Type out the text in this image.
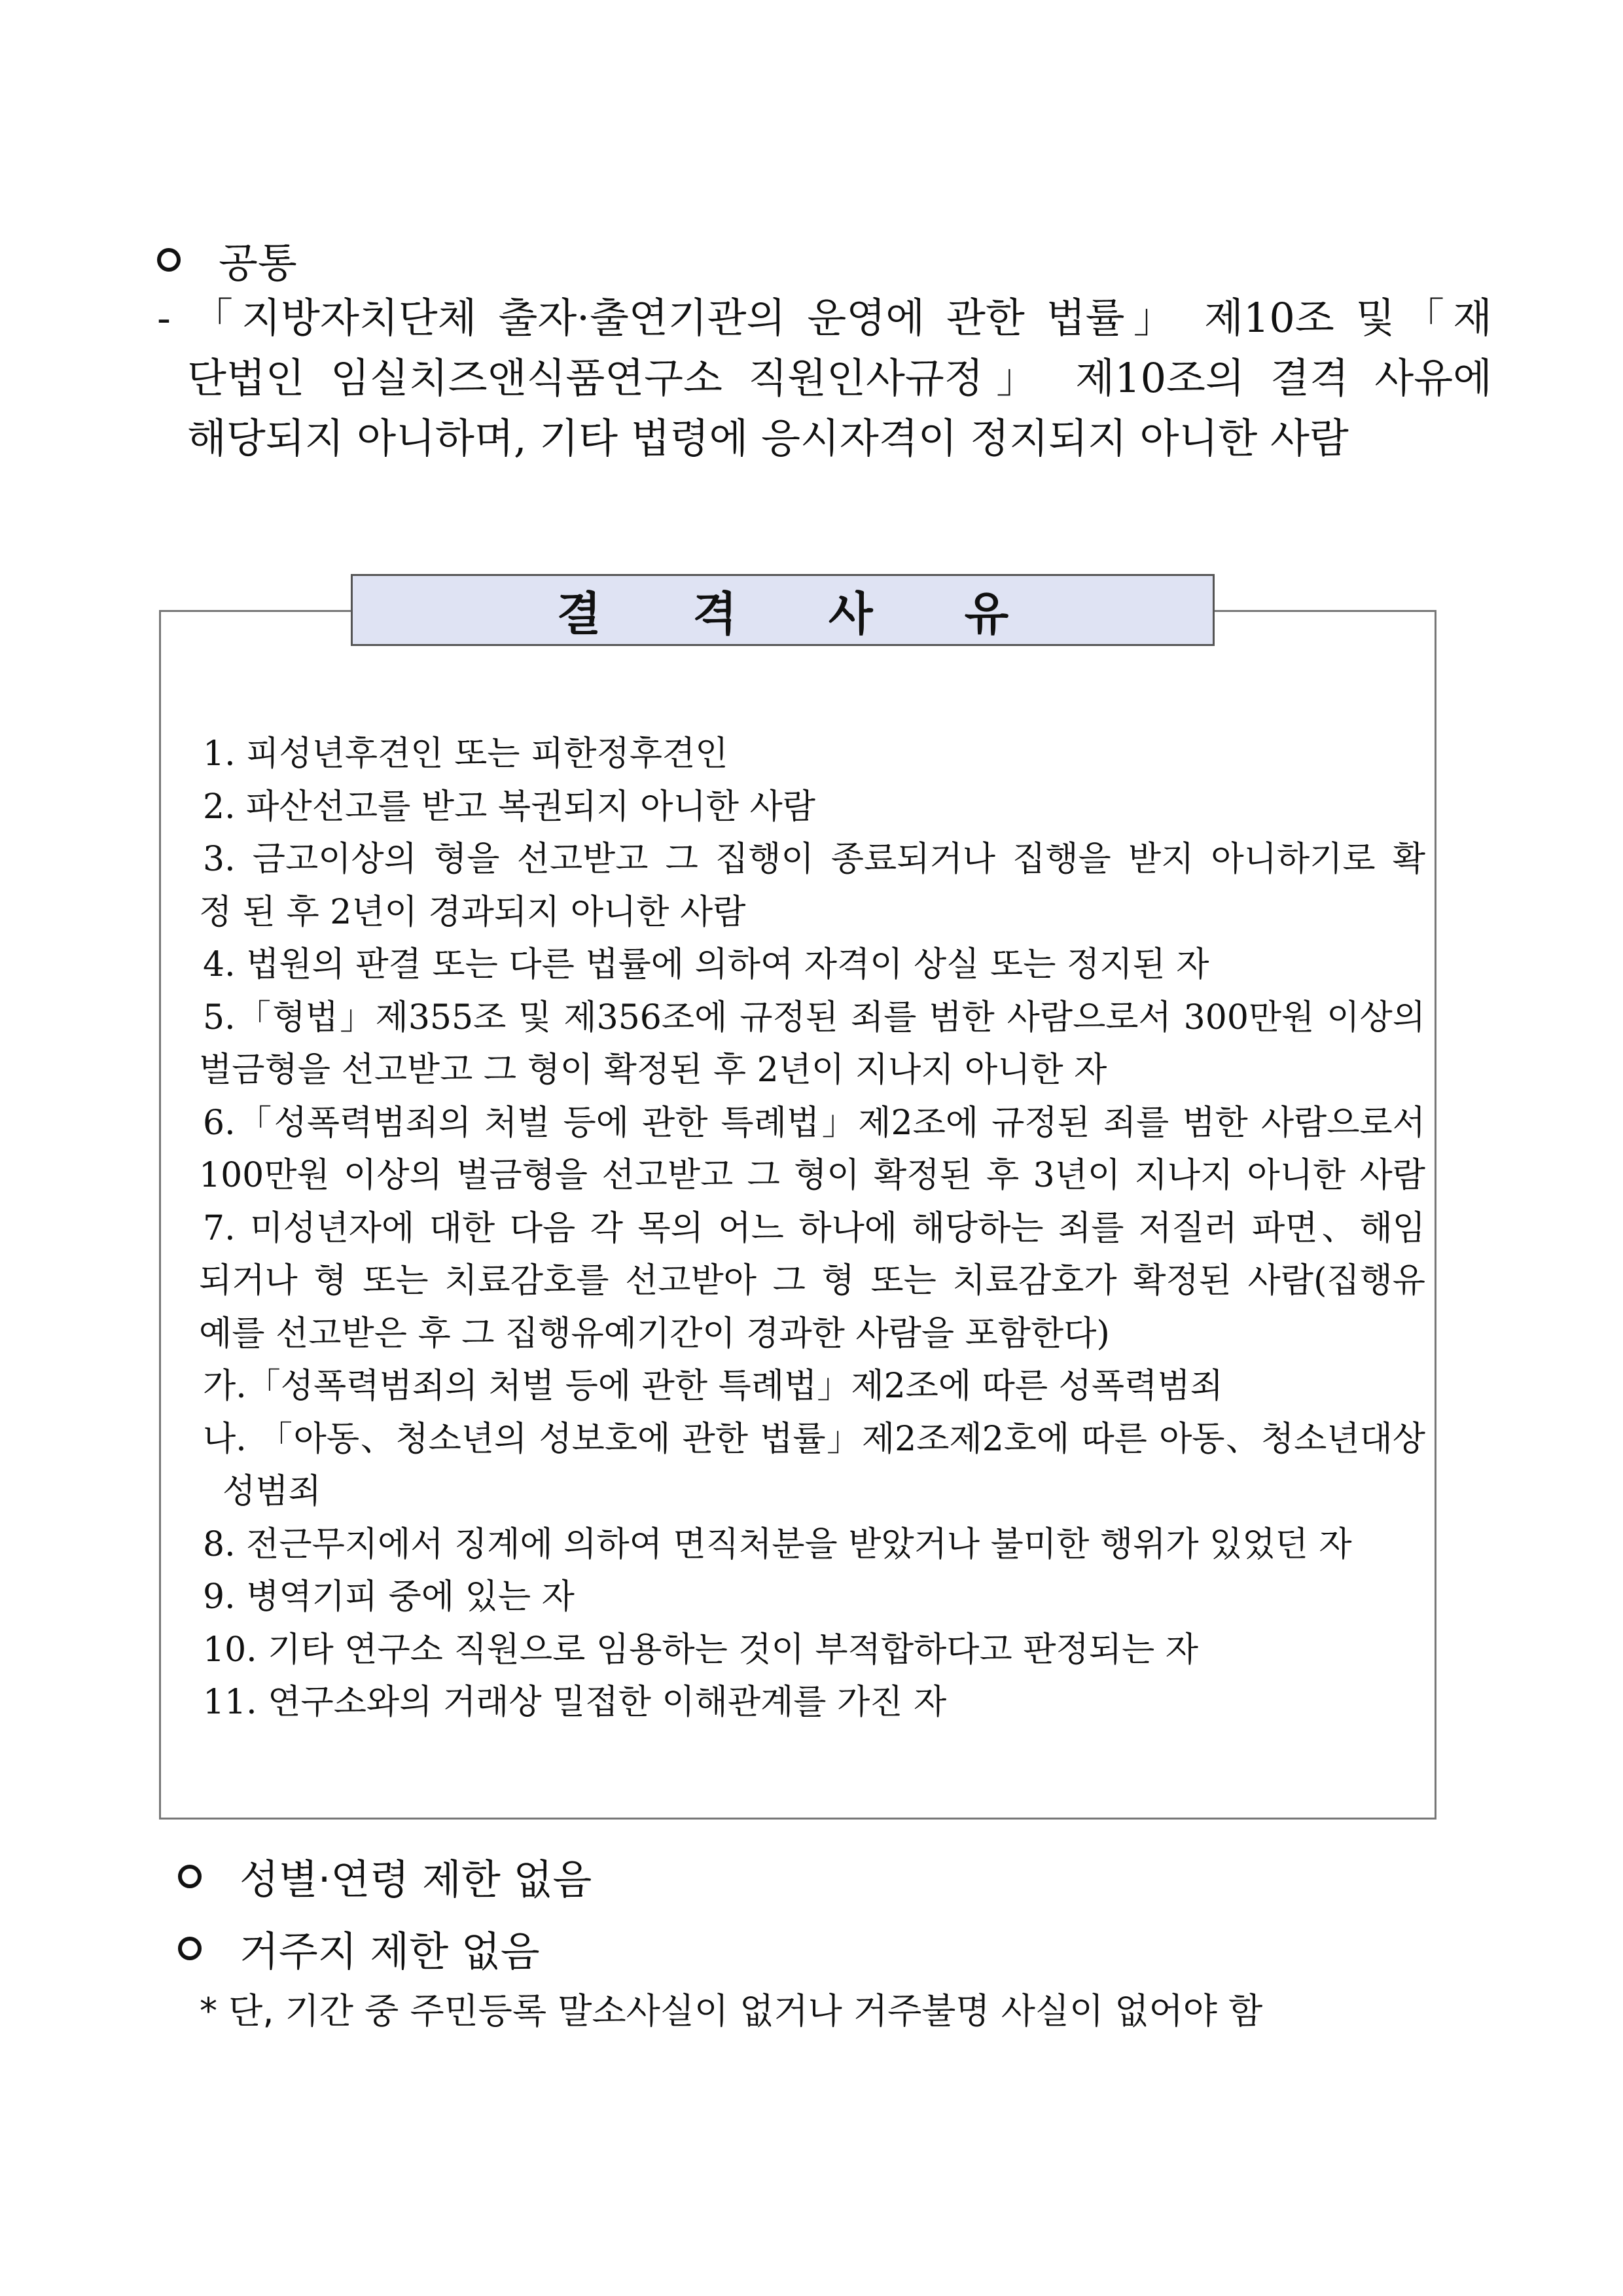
공통
- 「지방자치단체 출자·출연기관의 운영에 관한 법률」 제10조 및「재
단법인 임실치즈앤식품연구소 직원인사규정」 제10조의 결격 사유에
해당되지 아니하며, 기타 법령에 응시자격이 정지되지 아니한 사람
결격사유
1. 피성년후견인 또는 피한정후견인
2. 파산선고를 받고 복권되지 아니한 사람
3. 금고이상의 형을 선고받고 그 집행이 종료되거나 집행을 받지 아니하기로 확
정 된 후 2년이 경과되지 아니한 사람
4. 법원의 판결 또는 다른 법률에 의하여 자격이 상실 또는 정지된 자
5.「형법」제355조 및 제356조에 규정된 죄를 범한 사람으로서 300만원 이상의
벌금형을 선고받고 그 형이 확정된 후 2년이 지나지 아니한 자
6.「성폭력범죄의 처벌 등에 관한 특례법」제2조에 규정된 죄를 범한 사람으로서
100만원 이상의 벌금형을 선고받고 그 형이 확정된 후 3년이 지나지 아니한 사람
7. 미성년자에 대한 다음 각 목의 어느 하나에 해당하는 죄를 저질러 파면、해임
되거나 형 또는 치료감호를 선고받아 그 형 또는 치료감호가 확정된 사람(집행유
예를 선고받은 후 그 집행유예기간이 경과한 사람을 포함한다)
가.「성폭력범죄의 처벌 등에 관한 특례법」제2조에 따른 성폭력범죄
나. 「아동、청소년의 성보호에 관한 법률」제2조제2호에 따른 아동、청소년대상
성범죄
8. 전근무지에서 징계에 의하여 면직처분을 받았거나 불미한 행위가 있었던 자
9. 병역기피 중에 있는 자
10. 기타 연구소 직원으로 임용하는 것이 부적합하다고 판정되는 자
11. 연구소와의 거래상 밀접한 이해관계를 가진 자
성별·연령 제한 없음
거주지 제한 없음
* 단, 기간 중 주민등록 말소사실이 없거나 거주불명 사실이 없어야 함
